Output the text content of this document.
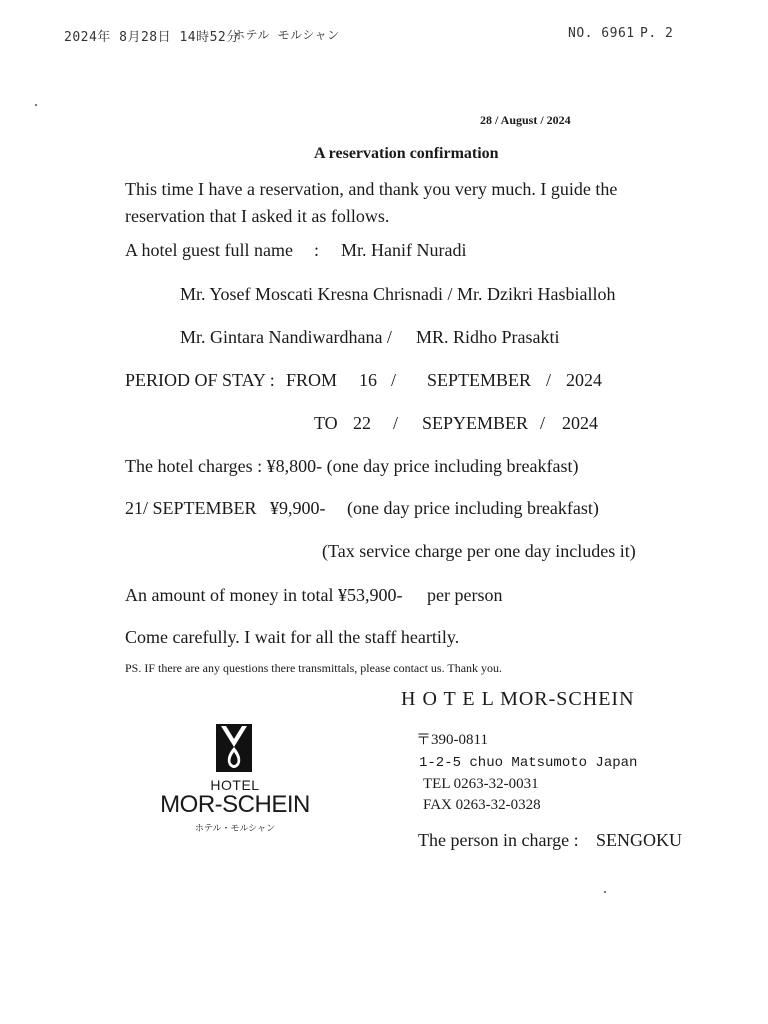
2024年 8月28日 14時52分
ホテル モルシャン	NO. 6961 P. 2
28 / August / 2024
A reservation confirmation
This time I have a reservation, and thank you very much. I guide the
reservation that I asked it as follows.
A hotel guest full name : Mr. Hanif Nuradi
Mr. Yosef Moscati Kresna Chrisnadi / Mr. Dzikri Hasbialloh
Mr. Gintara Nandiwardhana / MR. Ridho Prasakti
PERIOD OF STAY : FROM 16 / SEPTEMBER / 2024
TO 22 / SEPYEMBER / 2024
The hotel charges : ¥8,800- (one day price including breakfast)
21/ SEPTEMBER ¥9,900- (one day price including breakfast)
(Tax service charge per one day includes it)
An amount of money in total ¥53,900- per person
Come carefully. I wait for all the staff heartily.
PS. IF there are any questions there transmittals, please contact us. Thank you.
HOTEL
MOR-SCHEIN
ホテル・モルシャン
H O T E L MOR-SCHEIN
〒390-0811
1-2-5 chuo Matsumoto Japan
TEL 0263-32-0031
FAX 0263-32-0328
The person in charge : SENGOKU
